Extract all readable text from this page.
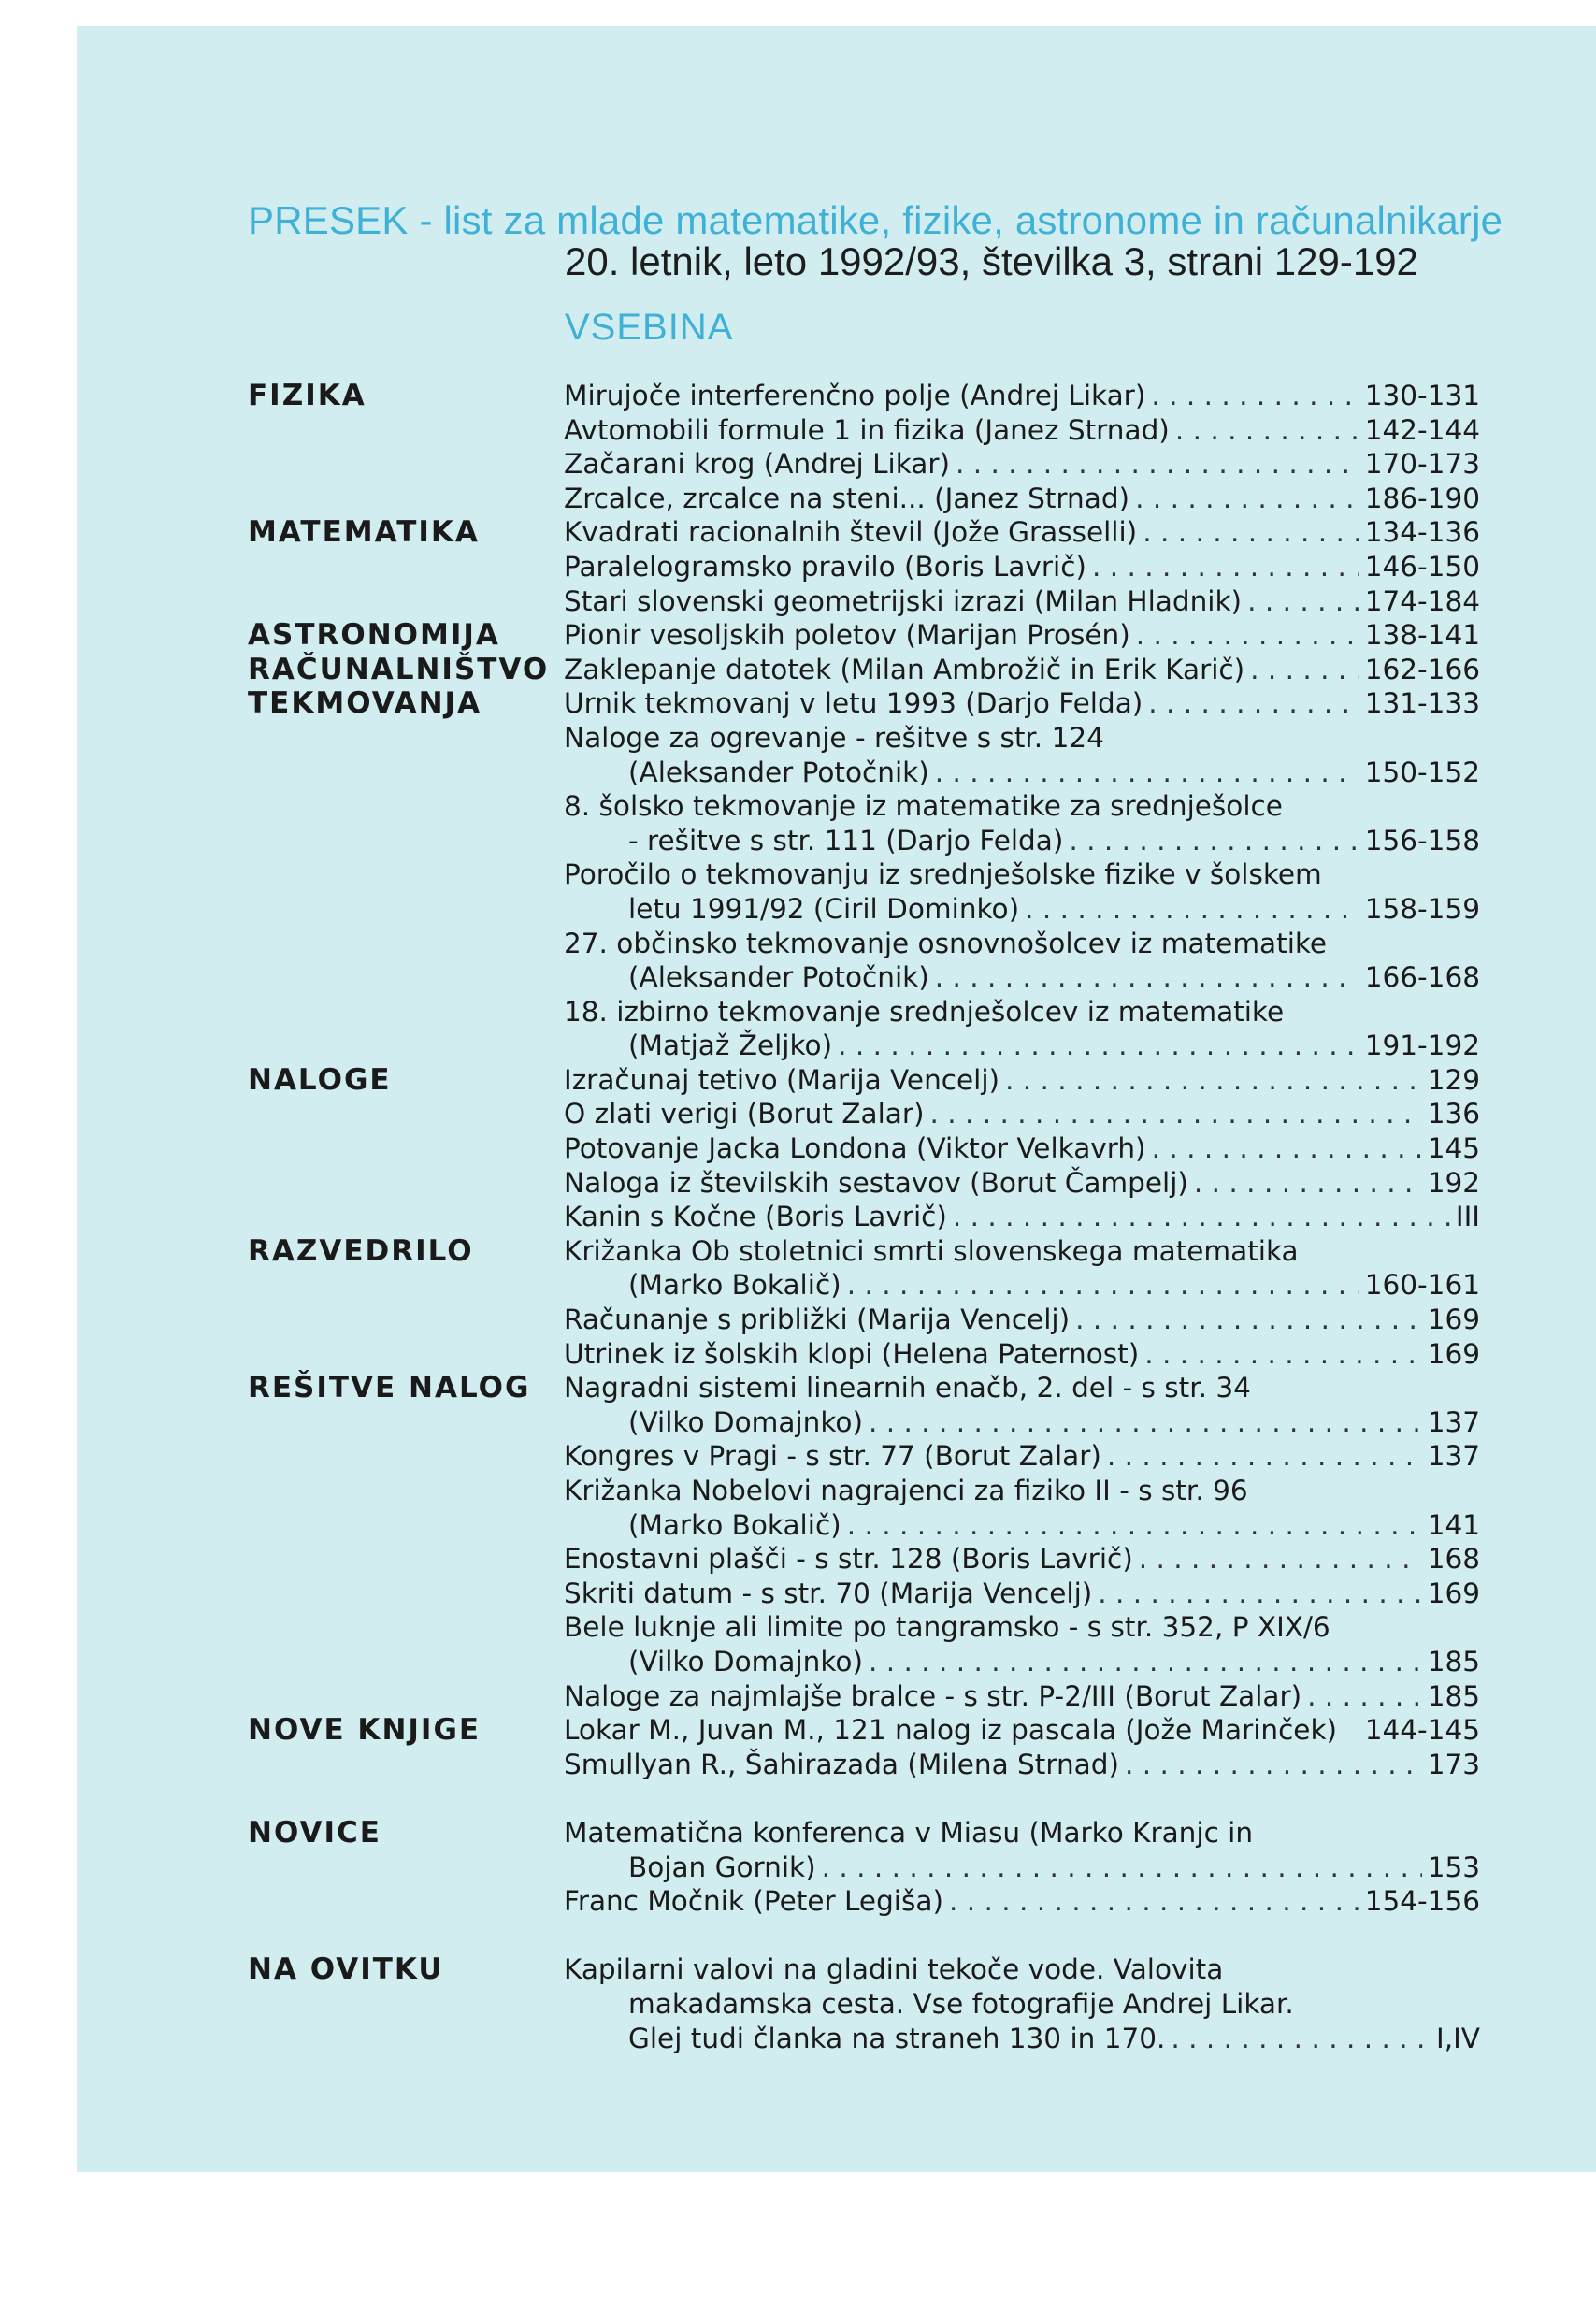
PRESEK - list za mlade matematike, fizike, astronome in računalnikarje
20. letnik, leto 1992/93, številka 3, strani 129-192
VSEBINA
FIZIKA	Mirujoče interferenčno polje (Andrej Likar) . . .	130-131
Avtomobili formule 1 in fizika (Janez Strnad) . . .	142-144
Začarani krog (Andrej Likar) . . .	170-173
Zrcalce, zrcalce na steni... (Janez Strnad) . . .	186-190
MATEMATIKA	Kvadrati racionalnih števil (Jože Grasselli) . . .	134-136
Paralelogramsko pravilo (Boris Lavrič) . . .	146-150
Stari slovenski geometrijski izrazi (Milan Hladnik) . . .	174-184
ASTRONOMIJA Pionir vesoljskih poletov (Marijan Prosén) . . .	138-141
RAČUNALNIŠTVO Zaklepanje datotek (Milan Ambrožič in Erik Karič) . . .	162-166
TEKMOVANJA	Urnik tekmovanj v letu 1993 (Darjo Felda) . . .	131-133
Naloge za ogrevanje - rešitve s str. 124
(Aleksander Potočnik) . . .	150-152
8. šolsko tekmovanje iz matematike za srednješolce
- rešitve s str. 111 (Darjo Felda) . . .	156-158
Poročilo o tekmovanju iz srednješolske fizike v šolskem
letu 1991/92 (Ciril Dominko) . . .	158-159
27. občinsko tekmovanje osnovnošolcev iz matematike
(Aleksander Potočnik) . . .	166-168
18. izbirno tekmovanje srednješolcev iz matematike
(Matjaž Željko) . . .	191-192
NALOGE	Izračunaj tetivo (Marija Vencelj) . . .	129
O zlati verigi (Borut Zalar) . . .	136
Potovanje Jacka Londona (Viktor Velkavrh) . . .	145
Naloga iz številskih sestavov (Borut Čampelj) . . .	192
Kanin s Kočne (Boris Lavrič) . . .	III
RAZVEDRILO	Križanka Ob stoletnici smrti slovenskega matematika
(Marko Bokalič) . . .	160-161
Računanje s približki (Marija Vencelj) . . .	169
Utrinek iz šolskih klopi (Helena Paternost) . . .	169
REŠITVE NALOG Nagradni sistemi linearnih enačb, 2. del - s str. 34
(Vilko Domajnko) . . .	137
Kongres v Pragi - s str. 77 (Borut Zalar) . . .	137
Križanka Nobelovi nagrajenci za fiziko II - s str. 96
(Marko Bokalič) . . .	141
Enostavni plašči - s str. 128 (Boris Lavrič) . . .	168
Skriti datum - s str. 70 (Marija Vencelj) . . .	169
Bele luknje ali limite po tangramsko - s str. 352, P XIX/6
(Vilko Domajnko) . . .	185
Naloge za najmlajše bralce - s str. P-2/III (Borut Zalar) . . .	185
NOVE KNJIGE	Lokar M., Juvan M., 121 nalog iz pascala (Jože Marinček) 144-145
Smullyan R., Šahirazada (Milena Strnad) . . .	173
NOVICE	Matematična konferenca v Miasu (Marko Kranjc in
Bojan Gornik) . . .	153
Franc Močnik (Peter Legiša) . . .	154-156
NA OVITKU	Kapilarni valovi na gladini tekoče vode. Valovita
makadamska cesta. Vse fotografije Andrej Likar.
Glej tudi članka na straneh 130 in 170. . . .	I,IV
